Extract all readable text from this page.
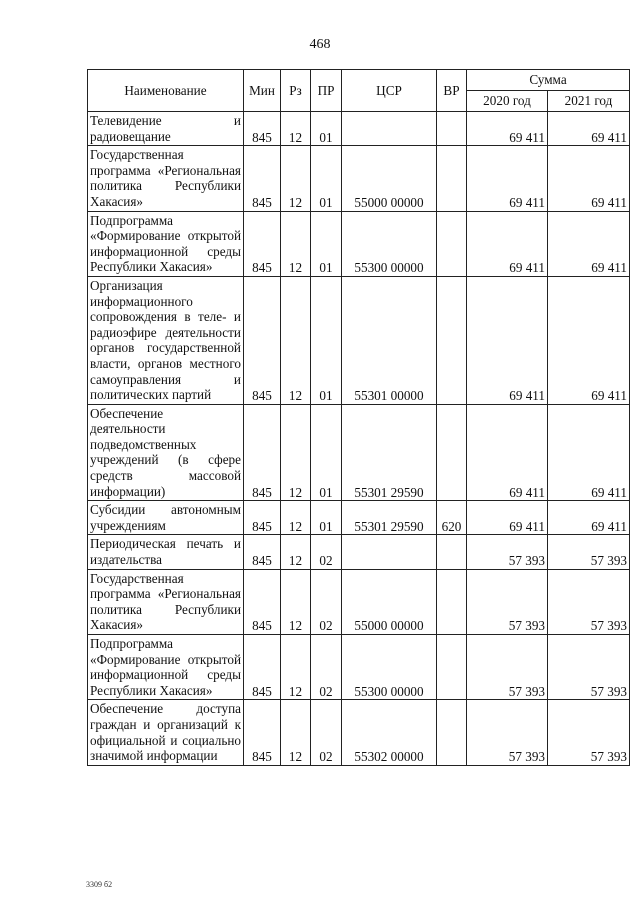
468
Наименование	Мин	Рз	ПР	ЦСР	ВР	Сумма	
						2020 год	2021 год
Телевидение и радиовещание	845	12	01			69 411	69 411
Государственная программа «Региональная политика Республики Хакасия»	845	12	01	55000 00000		69 411	69 411
Подпрограмма «Формирование открытой информационной среды Республики Хакасия»	845	12	01	55300 00000		69 411	69 411
Организация информационного сопровождения в теле- и радиоэфире деятельности органов государственной власти, органов местного самоуправления и политических партий	845	12	01	55301 00000		69 411	69 411
Обеспечение деятельности подведомственных учреждений (в сфере средств массовой информации)	845	12	01	55301 29590		69 411	69 411
Субсидии автономным учреждениям	845	12	01	55301 29590	620	69 411	69 411
Периодическая печать и издательства	845	12	02			57 393	57 393
Государственная программа «Региональная политика Республики Хакасия»	845	12	02	55000 00000		57 393	57 393
Подпрограмма «Формирование открытой информационной среды Республики Хакасия»	845	12	02	55300 00000		57 393	57 393
Обеспечение доступа граждан и организаций к официальной и социально значимой информации	845	12	02	55302 00000		57 393	57 393
3309 б2
